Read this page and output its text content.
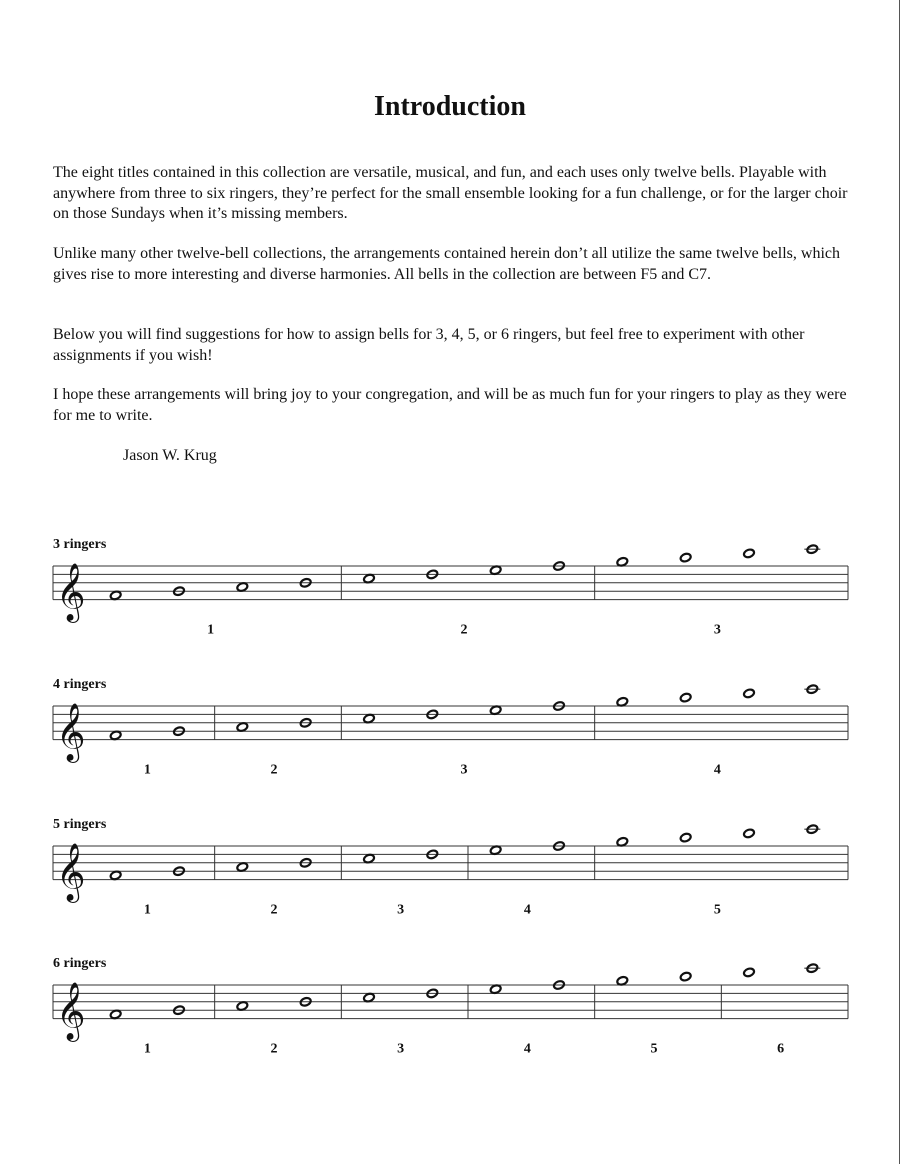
Introduction

The eight titles contained in this collection are versatile, musical, and fun, and each uses only twelve bells. Playable with anywhere from three to six ringers, they’re perfect for the small ensemble looking for a fun challenge, or for the larger choir on those Sundays when it’s missing members.

Unlike many other twelve-bell collections, the arrangements contained herein don’t all utilize the same twelve bells, which gives rise to more interesting and diverse harmonies. All bells in the collection are between F5 and C7.

Below you will find suggestions for how to assign bells for 3, 4, 5, or 6 ringers, but feel free to experiment with other assignments if you wish!

I hope these arrangements will bring joy to your congregation, and will be as much fun for your ringers to play as they were for me to write.

Jason W. Krug

3 ringers
4 ringers
5 ringers
6 ringers
𝄞
1	2	3
𝄞
1	2	3	4
𝄞
1	2	3	4	5
𝄞
1	2	3	4	5	6
